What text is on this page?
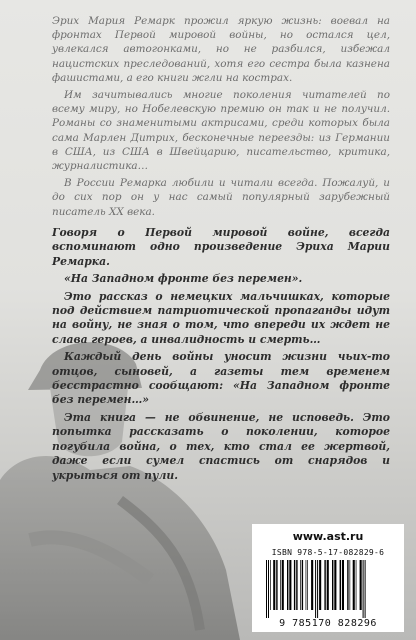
Эрих Мария Ремарк прожил яркую жизнь: воевал на фронтах Первой мировой войны, но остался цел, увлекался автогонками, но не разбился, избежал нацистских преследований, хотя его сестра была казнена фашистами, а его книги жгли на кострах.

Им зачитывались многие поколения читателей по всему миру, но Нобелевскую премию он так и не получил. Романы со знаменитыми актрисами, среди которых была сама Марлен Дитрих, бесконечные переезды: из Германии в США, из США в Швейцарию, писательство, критика, журналистика…

В России Ремарка любили и читали всегда. Пожалуй, и до сих пор он у нас самый популярный зарубежный писатель XX века.

Говоря о Первой мировой войне, всегда вспоминают одно произведение Эриха Марии Ремарка.

«На Западном фронте без перемен».

Это рассказ о немецких мальчишках, которые под действием патриотической пропаганды идут на войну, не зная о том, что впереди их ждет не слава героев, а инвалидность и смерть…

Каждый день войны уносит жизни чьих-то отцов, сыновей, а газеты тем временем бесстрастно сообщают: «На Западном фронте без перемен…»

Эта книга — не обвинение, не исповедь. Это попытка рассказать о поколении, которое погубила война, о тех, кто стал ее жертвой, даже если сумел спастись от снарядов и укрыться от пули.

www.ast.ru
ISBN 978-5-17-082829-6
9 785170 828296
